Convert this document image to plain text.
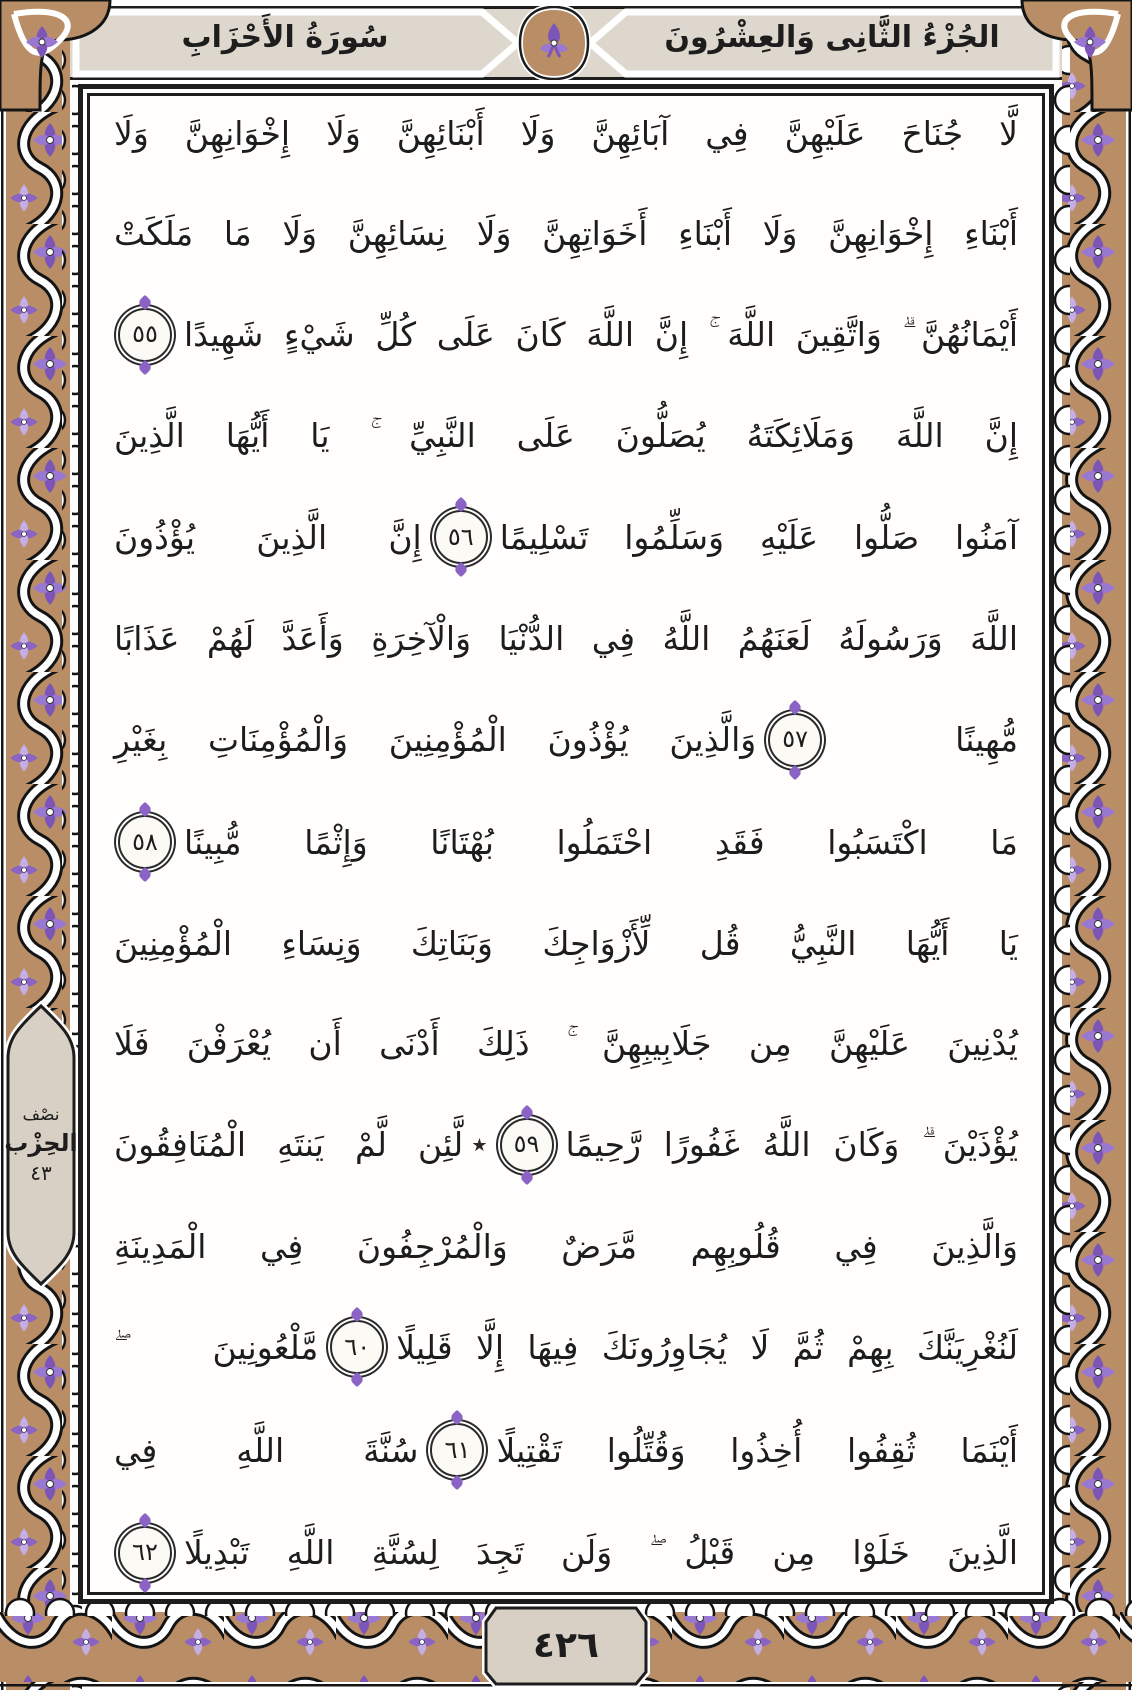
الجُزْءُ الثَّانِى وَالعِشْرُونَ
سُورَةُ الأَحْزَابِ
لَّا جُنَاحَ عَلَيْهِنَّ فِي آبَائِهِنَّ وَلَا أَبْنَائِهِنَّ وَلَا إِخْوَانِهِنَّ وَلَا
أَبْنَاءِ إِخْوَانِهِنَّ وَلَا أَبْنَاءِ أَخَوَاتِهِنَّ وَلَا نِسَائِهِنَّ وَلَا مَا مَلَكَتْ
أَيْمَانُهُنَّ ۗ وَاتَّقِينَ اللَّهَ ۚ إِنَّ اللَّهَ كَانَ عَلَى كُلِّ شَيْءٍ شَهِيدًا
٥٥
إِنَّ اللَّهَ وَمَلَائِكَتَهُ يُصَلُّونَ عَلَى النَّبِيِّ ۚ يَا أَيُّهَا الَّذِينَ
آمَنُوا صَلُّوا عَلَيْهِ وَسَلِّمُوا تَسْلِيمًا
٥٦
إِنَّ الَّذِينَ يُؤْذُونَ
اللَّهَ وَرَسُولَهُ لَعَنَهُمُ اللَّهُ فِي الدُّنْيَا وَالْآخِرَةِ وَأَعَدَّ لَهُمْ عَذَابًا
مُّهِينًا
٥٧
وَالَّذِينَ يُؤْذُونَ الْمُؤْمِنِينَ وَالْمُؤْمِنَاتِ بِغَيْرِ
مَا اكْتَسَبُوا فَقَدِ احْتَمَلُوا بُهْتَانًا وَإِثْمًا مُّبِينًا
٥٨
يَا أَيُّهَا النَّبِيُّ قُل لِّأَزْوَاجِكَ وَبَنَاتِكَ وَنِسَاءِ الْمُؤْمِنِينَ
يُدْنِينَ عَلَيْهِنَّ مِن جَلَابِيبِهِنَّ ۚ ذَلِكَ أَدْنَى أَن يُعْرَفْنَ فَلَا
يُؤْذَيْنَ ۗ وَكَانَ اللَّهُ غَفُورًا رَّحِيمًا
٥٩
٭
لَّئِن لَّمْ يَنتَهِ الْمُنَافِقُونَ
وَالَّذِينَ فِي قُلُوبِهِم مَّرَضٌ وَالْمُرْجِفُونَ فِي الْمَدِينَةِ
لَنُغْرِيَنَّكَ بِهِمْ ثُمَّ لَا يُجَاوِرُونَكَ فِيهَا إِلَّا قَلِيلًا
٦٠
مَّلْعُونِينَ ۖ
أَيْنَمَا ثُقِفُوا أُخِذُوا وَقُتِّلُوا تَقْتِيلًا
٦١
سُنَّةَ اللَّهِ فِي
الَّذِينَ خَلَوْا مِن قَبْلُ ۖ وَلَن تَجِدَ لِسُنَّةِ اللَّهِ تَبْدِيلًا
٦٢
نصْف
الحِزْب
٤٣
٤٢٦
